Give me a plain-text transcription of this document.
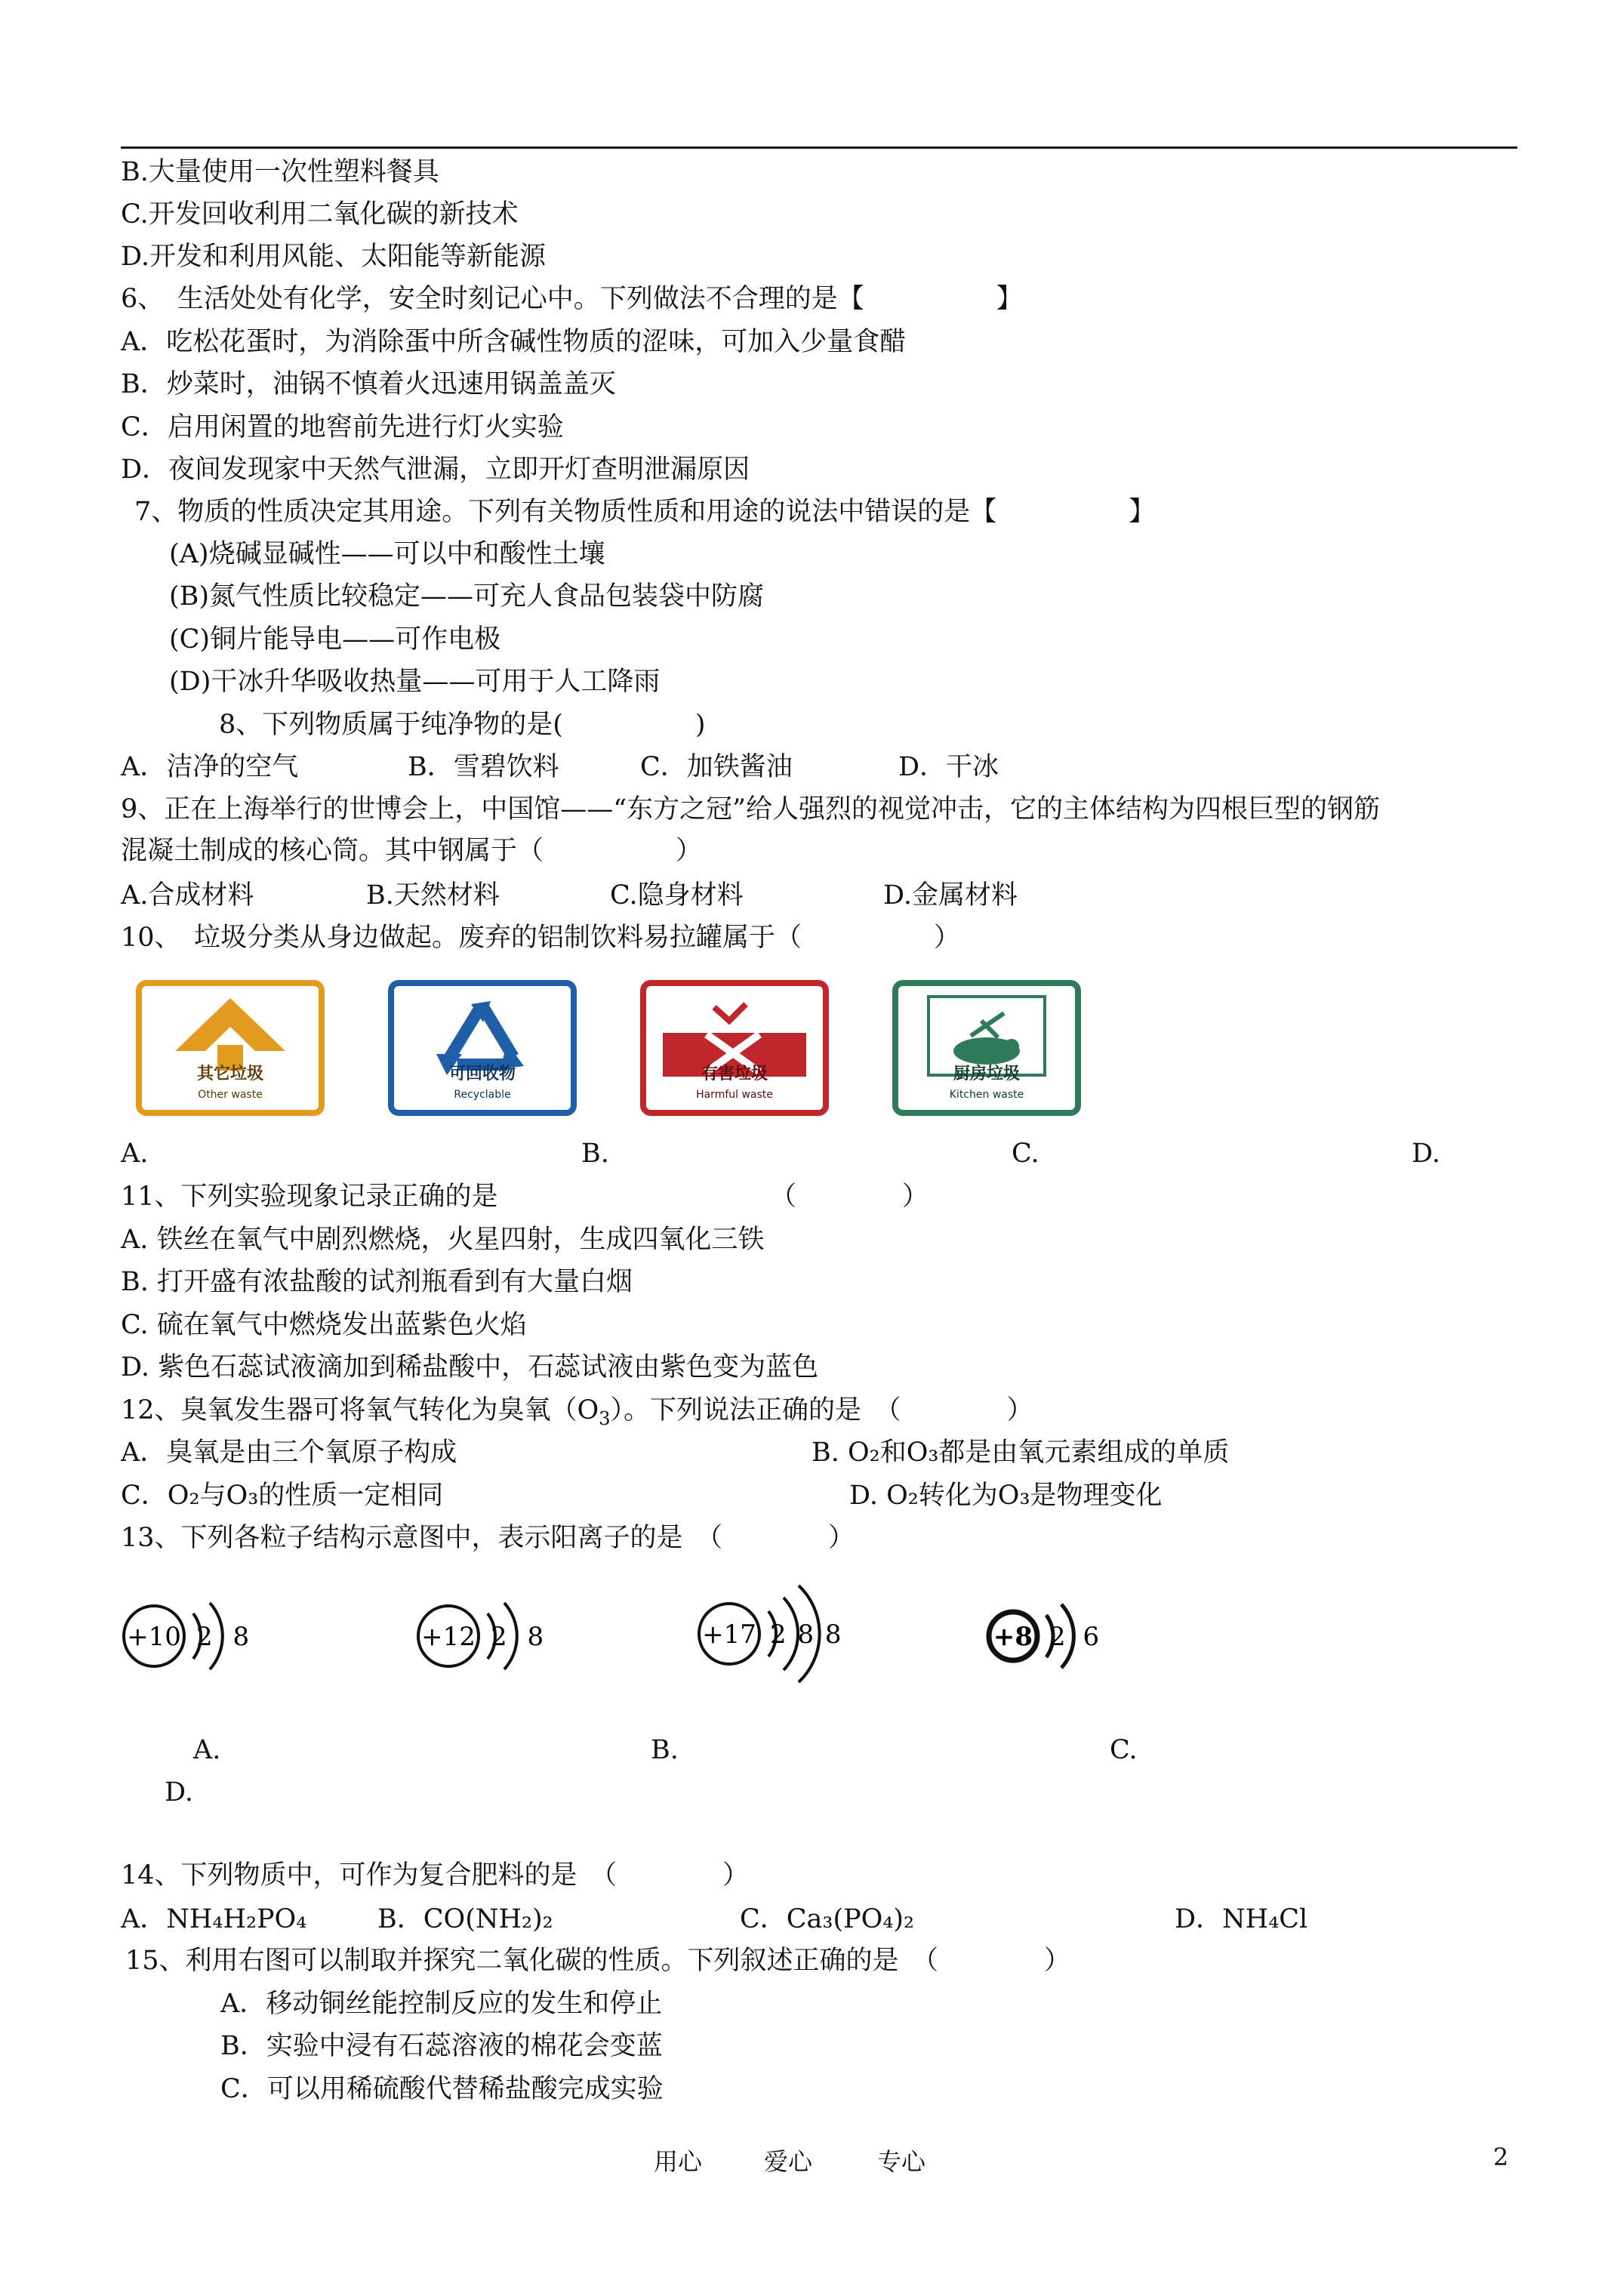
B.大量使用一次性塑料餐具
C.开发回收利用二氧化碳的新技术
D.开发和利用风能、太阳能等新能源
6、　生活处处有化学，安全时刻记心中。下列做法不合理的是【　　　　　】
A．吃松花蛋时，为消除蛋中所含碱性物质的涩味，可加入少量食醋
B．炒菜时，油锅不慎着火迅速用锅盖盖灭
C．启用闲置的地窖前先进行灯火实验
D．夜间发现家中天然气泄漏，立即开灯查明泄漏原因
7、物质的性质决定其用途。下列有关物质性质和用途的说法中错误的是【　　　　　】
(A)烧碱显碱性——可以中和酸性土壤
(B)氮气性质比较稳定——可充人食品包装袋中防腐
(C)铜片能导电——可作电极
(D)干冰升华吸收热量——可用于人工降雨
8、下列物质属于纯净物的是(　　　　　)
A．洁净的空气	B．雪碧饮料	C．加铁酱油	D．干冰
9、正在上海举行的世博会上，中国馆——“东方之冠”给人强烈的视觉冲击，它的主体结构为四根巨型的钢筋
混凝土制成的核心筒。其中钢属于（　　　　　）
A.合成材料	B.天然材料	C.隐身材料	D.金属材料
10、　垃圾分类从身边做起。废弃的铝制饮料易拉罐属于（　　　　　）
其它垃圾
Other waste
可回收物
Recyclable
有害垃圾
Harmful waste
厨房垃圾
Kitchen waste
A.	B.	C.	D.
11、下列实验现象记录正确的是	（　　　　）
A. 铁丝在氧气中剧烈燃烧，火星四射，生成四氧化三铁
B. 打开盛有浓盐酸的试剂瓶看到有大量白烟
C. 硫在氧气中燃烧发出蓝紫色火焰
D. 紫色石蕊试液滴加到稀盐酸中，石蕊试液由紫色变为蓝色
12、臭氧发生器可将氧气转化为臭氧$(O_3)$。下列说法正确的是　（　　　　）
A．臭氧是由三个氧原子构成	B. O₂和O₃都是由氧元素组成的单质
C．O₂与O₃的性质一定相同	D. O₂转化为O₃是物理变化
13、下列各粒子结构示意图中，表示阳离子的是　（　　　　）
+10 2 8	+12 2 8	+17 2 8 8	+8 2 6
A.	B.	C.
D.
14、下列物质中，可作为复合肥料的是　（　　　　）
A．NH₄H₂PO₄	B．CO(NH₂)₂	C．Ca₃(PO₄)₂	D．NH₄Cl
15、利用右图可以制取并探究二氧化碳的性质。下列叙述正确的是　（　　　　）
A．移动铜丝能控制反应的发生和停止
B．实验中浸有石蕊溶液的棉花会变蓝
C．可以用稀硫酸代替稀盐酸完成实验
用心	爱心	专心	2
